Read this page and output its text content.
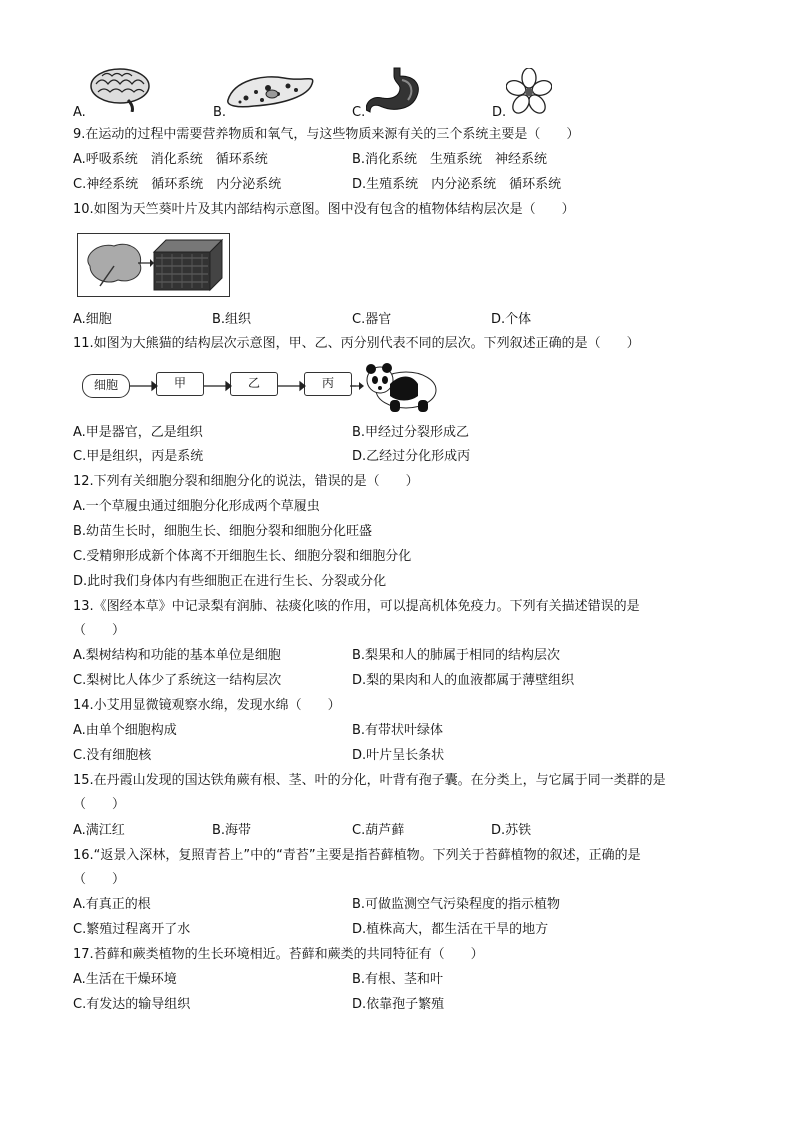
A.	B.	C.	D.
9.在运动的过程中需要营养物质和氧气，与这些物质来源有关的三个系统主要是（　　）
A.呼吸系统　消化系统　循环系统	B.消化系统　生殖系统　神经系统
C.神经系统　循环系统　内分泌系统	D.生殖系统　内分泌系统　循环系统
10.如图为天竺葵叶片及其内部结构示意图。图中没有包含的植物体结构层次是（　　）
A.细胞	B.组织	C.器官	D.个体
11.如图为大熊猫的结构层次示意图，甲、乙、丙分别代表不同的层次。下列叙述正确的是（　　）
细胞	甲	乙	丙
A.甲是器官，乙是组织	B.甲经过分裂形成乙
C.甲是组织，丙是系统	D.乙经过分化形成丙
12.下列有关细胞分裂和细胞分化的说法，错误的是（　　）
A.一个草履虫通过细胞分化形成两个草履虫
B.幼苗生长时，细胞生长、细胞分裂和细胞分化旺盛
C.受精卵形成新个体离不开细胞生长、细胞分裂和细胞分化
D.此时我们身体内有些细胞正在进行生长、分裂或分化
13.《图经本草》中记录梨有润肺、祛痰化咳的作用，可以提高机体免疫力。下列有关描述错误的是
（　　）
A.梨树结构和功能的基本单位是细胞	B.梨果和人的肺属于相同的结构层次
C.梨树比人体少了系统这一结构层次	D.梨的果肉和人的血液都属于薄壁组织
14.小艾用显微镜观察水绵，发现水绵（　　）
A.由单个细胞构成	B.有带状叶绿体
C.没有细胞核	D.叶片呈长条状
15.在丹霞山发现的国达铁角蕨有根、茎、叶的分化，叶背有孢子囊。在分类上，与它属于同一类群的是
（　　）
A.满江红	B.海带	C.葫芦藓	D.苏铁
16.“返景入深林，复照青苔上”中的“青苔”主要是指苔藓植物。下列关于苔藓植物的叙述，正确的是
（　　）
A.有真正的根	B.可做监测空气污染程度的指示植物
C.繁殖过程离开了水	D.植株高大，都生活在干旱的地方
17.苔藓和蕨类植物的生长环境相近。苔藓和蕨类的共同特征有（　　）
A.生活在干燥环境	B.有根、茎和叶
C.有发达的输导组织	D.依靠孢子繁殖
